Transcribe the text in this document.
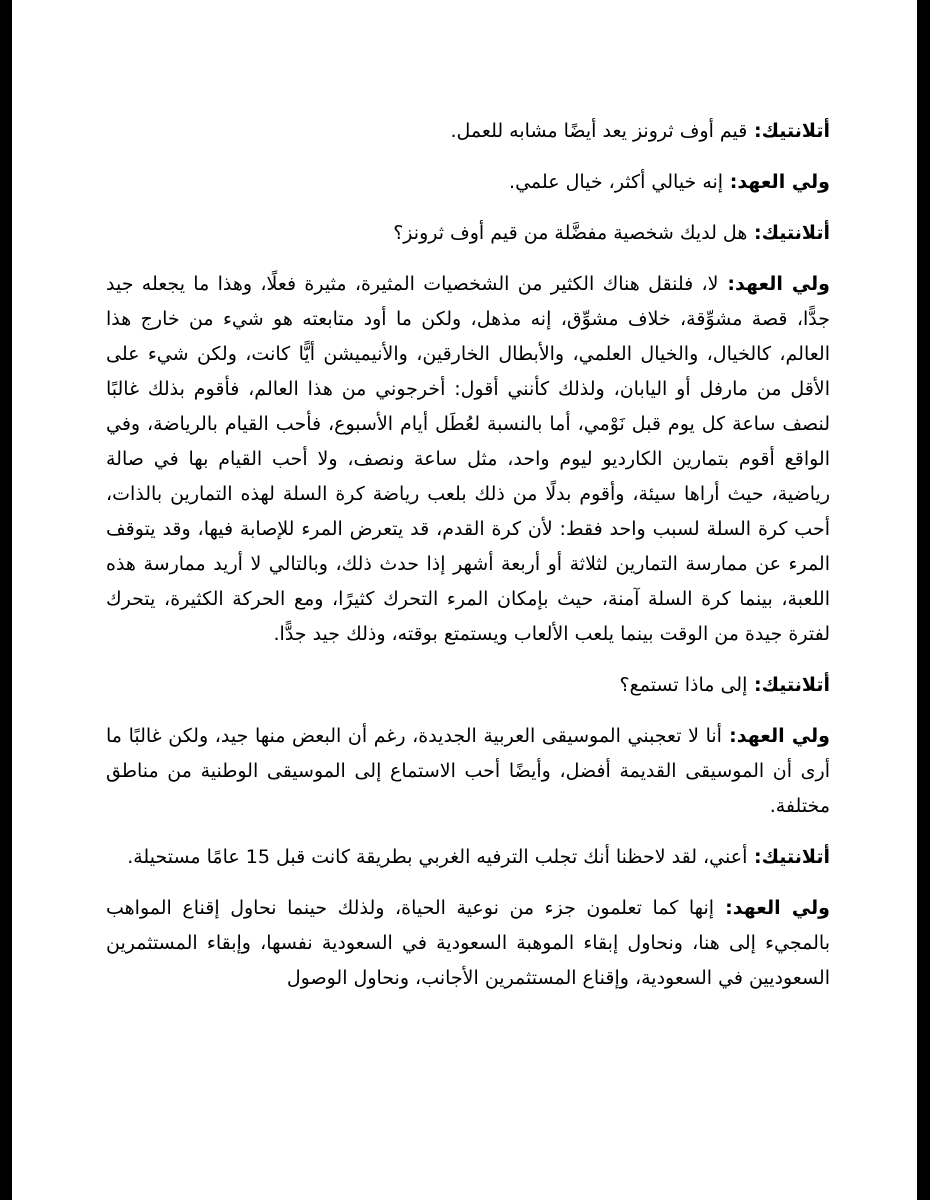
أتلانتيك:قيم أوف ثرونز يعد أيضًا مشابه للعمل.

ولي العهد:إنه خيالي أكثر، خيال علمي.

أتلانتيك:هل لديك شخصية مفضَّلة من قيم أوف ثرونز؟

ولي العهد:لا، فلنقل هناك الكثير من الشخصيات المثيرة، مثيرة فعلًا، وهذا ما يجعله جيد جدًّا، قصة مشوِّقة، خلاف مشوِّق، إنه مذهل، ولكن ما أود متابعته هو شيء من خارج هذا العالم، كالخيال، والخيال العلمي، والأبطال الخارقين، والأنيميشن أيًّا كانت، ولكن شيء على الأقل من مارفل أو اليابان، ولذلك كأنني أقول: أخرجوني من هذا العالم، فأقوم بذلك غالبًا لنصف ساعة كل يوم قبل نَوْمي، أما بالنسبة لعُطَل أيام الأسبوع، فأحب القيام بالرياضة، وفي الواقع أقوم بتمارين الكارديو ليوم واحد، مثل ساعة ونصف، ولا أحب القيام بها في صالة رياضية، حيث أراها سيئة، وأقوم بدلًا من ذلك بلعب رياضة كرة السلة لهذه التمارين بالذات، أحب كرة السلة لسبب واحد فقط: لأن كرة القدم، قد يتعرض المرء للإصابة فيها، وقد يتوقف المرء عن ممارسة التمارين لثلاثة أو أربعة أشهر إذا حدث ذلك، وبالتالي لا أريد ممارسة هذه اللعبة، بينما كرة السلة آمنة، حيث بإمكان المرء التحرك كثيرًا، ومع الحركة الكثيرة، يتحرك لفترة جيدة من الوقت بينما يلعب الألعاب ويستمتع بوقته، وذلك جيد جدًّا.

أتلانتيك:إلى ماذا تستمع؟

ولي العهد:أنا لا تعجبني الموسيقى العربية الجديدة، رغم أن البعض منها جيد، ولكن غالبًا ما أرى أن الموسيقى القديمة أفضل، وأيضًا أحب الاستماع إلى الموسيقى الوطنية من مناطق مختلفة.

أتلانتيك:أعني، لقد لاحظنا أنك تجلب الترفيه الغربي بطريقة كانت قبل 15 عامًا مستحيلة.

ولي العهد:إنها كما تعلمون جزء من نوعية الحياة، ولذلك حينما نحاول إقناع المواهب بالمجيء إلى هنا، ونحاول إبقاء الموهبة السعودية في السعودية نفسها، وإبقاء المستثمرين السعوديين في السعودية، وإقناع المستثمرين الأجانب، ونحاول الوصول
